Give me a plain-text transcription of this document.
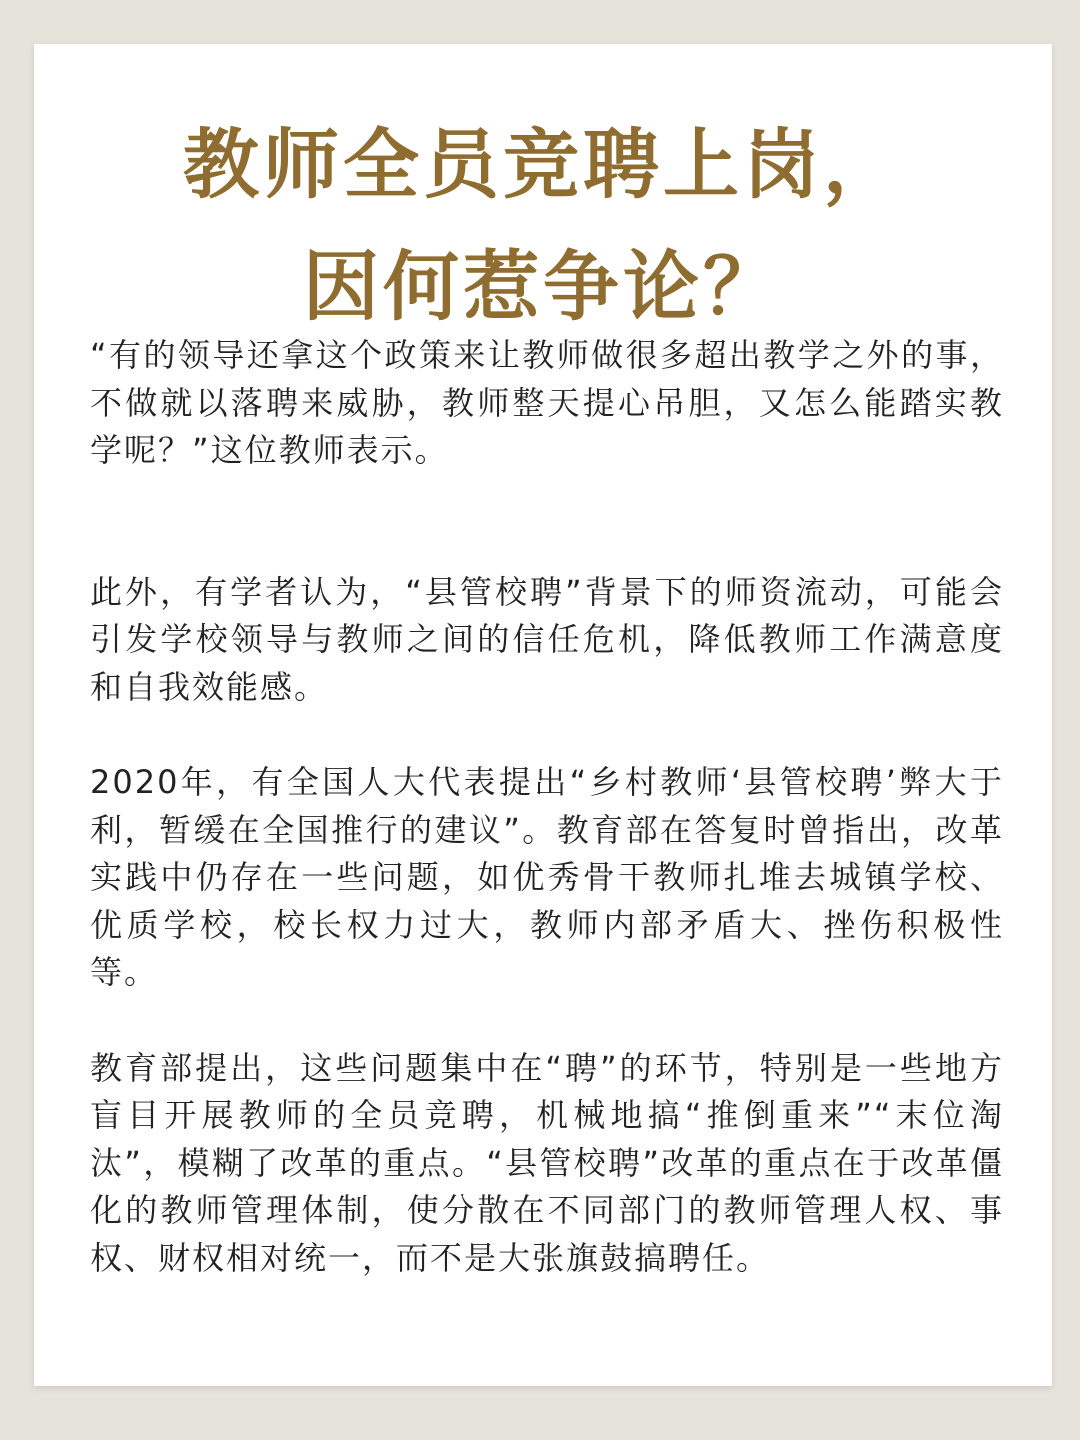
教师全员竞聘上岗，
因何惹争论？

“有的领导还拿这个政策来让教师做很多超出教学之外的事，不做就以落聘来威胁，教师整天提心吊胆，又怎么能踏实教学呢？”这位教师表示。

此外，有学者认为，“县管校聘”背景下的师资流动，可能会引发学校领导与教师之间的信任危机，降低教师工作满意度和自我效能感。

2020年，有全国人大代表提出“乡村教师‘县管校聘’弊大于利，暂缓在全国推行的建议”。教育部在答复时曾指出，改革实践中仍存在一些问题，如优秀骨干教师扎堆去城镇学校、优质学校，校长权力过大，教师内部矛盾大、挫伤积极性等。

教育部提出，这些问题集中在“聘”的环节，特别是一些地方盲目开展教师的全员竞聘，机械地搞“推倒重来”“末位淘汰”，模糊了改革的重点。“县管校聘”改革的重点在于改革僵化的教师管理体制，使分散在不同部门的教师管理人权、事权、财权相对统一，而不是大张旗鼓搞聘任。
